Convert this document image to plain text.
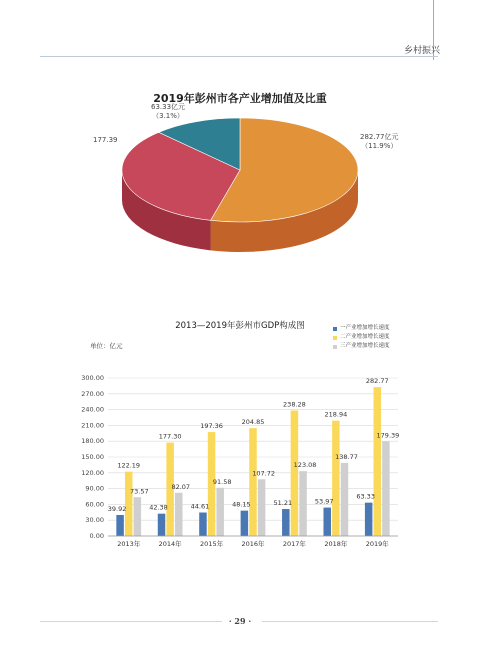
乡村振兴
2019年彭州市各产业增加值及比重
63.33亿元
（3.1%）
177.39	282.77亿元
（11.9%）
2013—2019年彭州市GDP构成图
单位：亿元
一产业增加增长速度
二产业增加增长速度
三产业增加增长速度
0.00
30.00
60.00
90.00
120.00
150.00
180.00
210.00
240.00
270.00
300.00
39.92
122.19
73.57
2013年
42.38
177.30
82.07
2014年
44.61
197.36
91.58
2015年
48.15
204.85
107.72
2016年
51.21
238.28
123.08
2017年
53.97
218.94
138.77
2018年
63.33
282.77
179.39
2019年
· 29 ·
